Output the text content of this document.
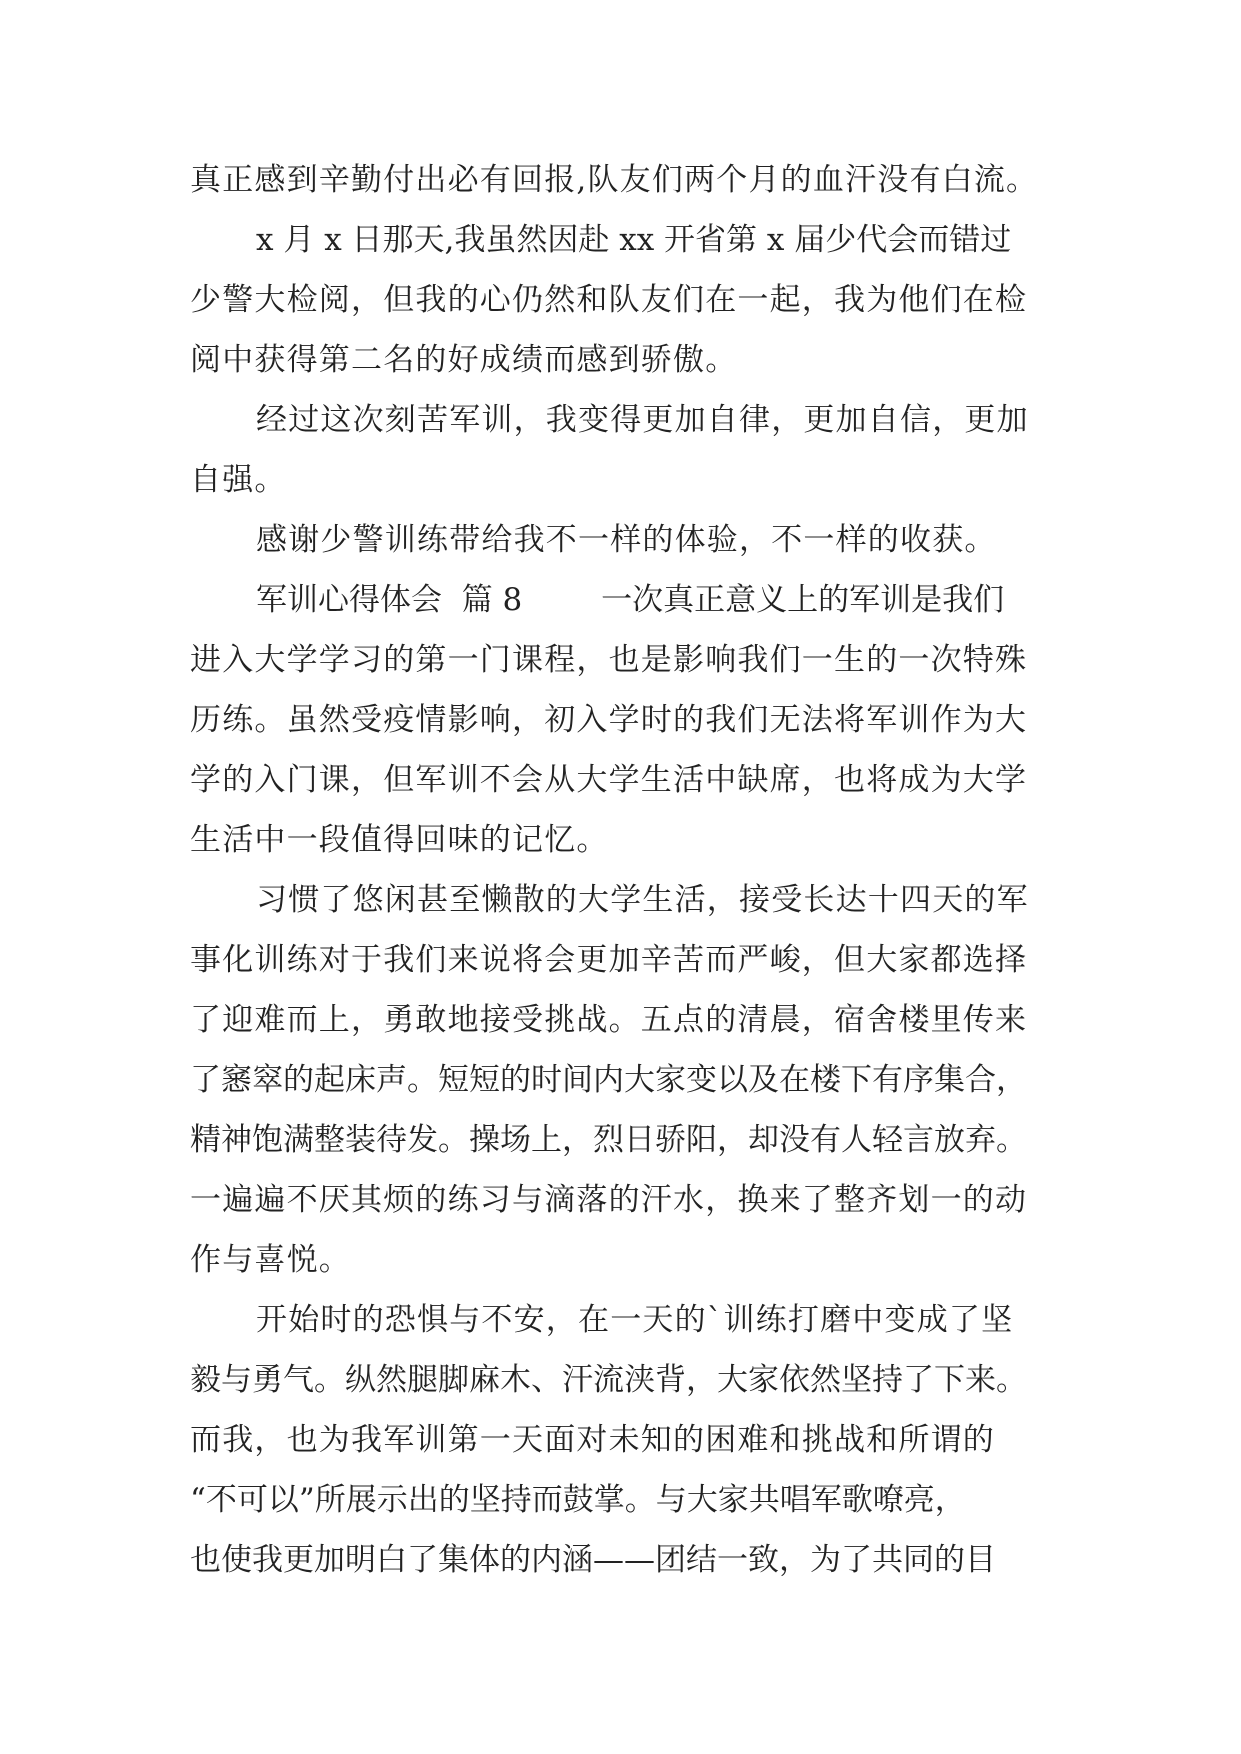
真正感到辛勤付出必有回报,队友们两个月的血汗没有白流。
x 月 x 日那天,我虽然因赴 xx 开省第 x 届少代会而错过
少警大检阅，但我的心仍然和队友们在一起，我为他们在检
阅中获得第二名的好成绩而感到骄傲。
经过这次刻苦军训，我变得更加自律，更加自信，更加
自强。
感谢少警训练带给我不一样的体验，不一样的收获。
军训心得体会  篇 8        一次真正意义上的军训是我们
进入大学学习的第一门课程，也是影响我们一生的一次特殊
历练。虽然受疫情影响，初入学时的我们无法将军训作为大
学的入门课，但军训不会从大学生活中缺席，也将成为大学
生活中一段值得回味的记忆。
习惯了悠闲甚至懒散的大学生活，接受长达十四天的军
事化训练对于我们来说将会更加辛苦而严峻，但大家都选择
了迎难而上，勇敢地接受挑战。五点的清晨，宿舍楼里传来
了窸窣的起床声。短短的时间内大家变以及在楼下有序集合，
精神饱满整装待发。操场上，烈日骄阳，却没有人轻言放弃。
一遍遍不厌其烦的练习与滴落的汗水，换来了整齐划一的动
作与喜悦。
开始时的恐惧与不安，在一天的`训练打磨中变成了坚
毅与勇气。纵然腿脚麻木、汗流浃背，大家依然坚持了下来。
而我，也为我军训第一天面对未知的困难和挑战和所谓的
“不可以”所展示出的坚持而鼓掌。与大家共唱军歌嘹亮，
也使我更加明白了集体的内涵——团结一致，为了共同的目
